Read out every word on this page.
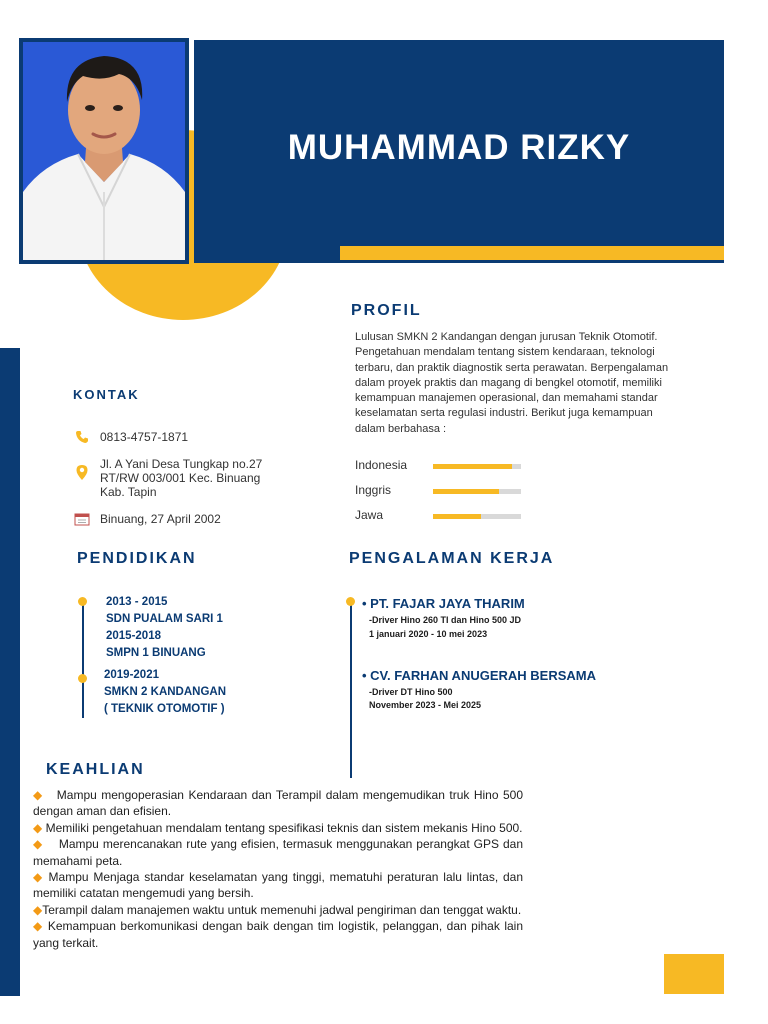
MUHAMMAD RIZKY
PROFIL
Lulusan SMKN 2 Kandangan dengan jurusan Teknik Otomotif. Pengetahuan mendalam tentang sistem kendaraan, teknologi terbaru, dan praktik diagnostik serta perawatan. Berpengalaman dalam proyek praktis dan magang di bengkel otomotif, memiliki kemampuan manajemen operasional, dan memahami standar keselamatan serta regulasi industri. Berikut juga kemampuan dalam berbahasa :
Indonesia
Inggris
Jawa
KONTAK
0813-4757-1871
Jl. A Yani Desa Tungkap no.27
RT/RW 003/001 Kec. Binuang
Kab. Tapin
Binuang, 27 April 2002
PENDIDIKAN
2013 - 2015
SDN PUALAM SARI 1
2015-2018
SMPN 1 BINUANG
2019-2021
SMKN 2 KANDANGAN
( TEKNIK OTOMOTIF )
PENGALAMAN KERJA
• PT. FAJAR JAYA THARIM
-Driver Hino 260 TI dan Hino 500 JD
1 januari 2020 - 10 mei 2023
• CV. FARHAN ANUGERAH BERSAMA
-Driver DT Hino 500
November 2023 - Mei 2025
KEAHLIAN

◆ Mampu mengoperasian Kendaraan dan Terampil dalam mengemudikan truk Hino 500 dengan aman dan efisien.

◆ Memiliki pengetahuan mendalam tentang spesifikasi teknis dan sistem mekanis Hino 500.

◆ Mampu merencanakan rute yang efisien, termasuk menggunakan perangkat GPS dan memahami peta.

◆ Mampu Menjaga standar keselamatan yang tinggi, mematuhi peraturan lalu lintas, dan memiliki catatan mengemudi yang bersih.

◆Terampil dalam manajemen waktu untuk memenuhi jadwal pengiriman dan tenggat waktu.

◆ Kemampuan berkomunikasi dengan baik dengan tim logistik, pelanggan, dan pihak lain yang terkait.
